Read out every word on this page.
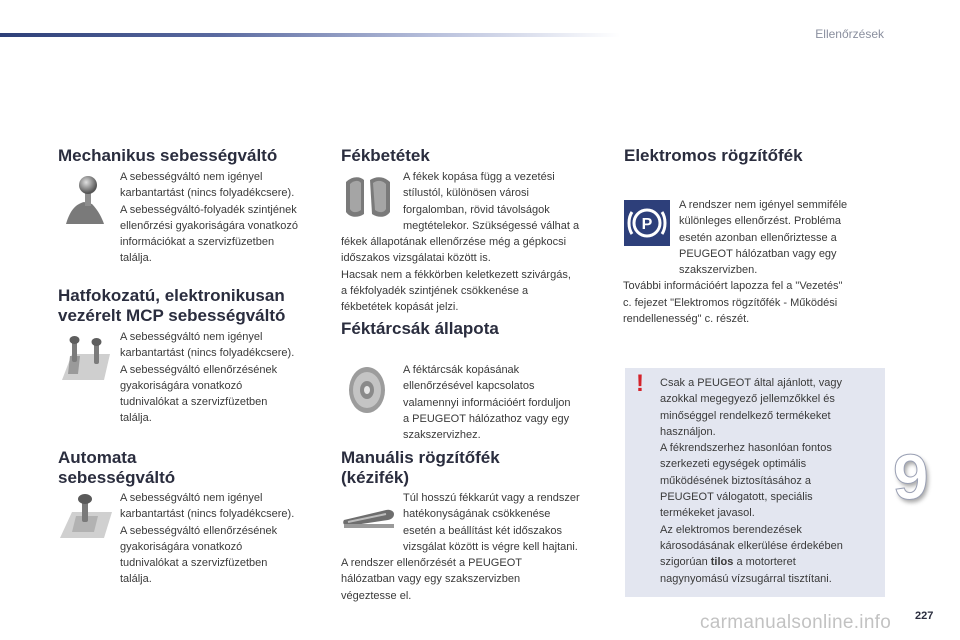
Ellenőrzések
Mechanikus sebességváltó
A sebességváltó nem igényel
karbantartást (nincs folyadékcsere).
A sebességváltó-folyadék szintjének
ellenőrzési gyakoriságára vonatkozó
információkat a szervizfüzetben
találja.
Hatfokozatú, elektronikusan
vezérelt MCP sebességváltó
A sebességváltó nem igényel
karbantartást (nincs folyadékcsere).
A sebességváltó ellenőrzésének
gyakoriságára vonatkozó
tudnivalókat a szervizfüzetben
találja.
Automata
sebességváltó
A sebességváltó nem igényel
karbantartást (nincs folyadékcsere).
A sebességváltó ellenőrzésének
gyakoriságára vonatkozó
tudnivalókat a szervizfüzetben
találja.
Fékbetétek
A fékek kopása függ a vezetési
stílustól, különösen városi
forgalomban, rövid távolságok
megtételekor. Szükségessé válhat a
fékek állapotának ellenőrzése még a gépkocsi
időszakos vizsgálatai között is.
Hacsak nem a fékkörben keletkezett szivárgás,
a fékfolyadék szintjének csökkenése a
fékbetétek kopását jelzi.
Féktárcsák állapota
A féktárcsák kopásának
ellenőrzésével kapcsolatos
valamennyi információért forduljon
a PEUGEOT hálózathoz vagy egy
szakszervizhez.
Manuális rögzítőfék
(kézifék)
Túl hosszú fékkarút vagy a rendszer
hatékonyságának csökkenése
esetén a beállítást két időszakos
vizsgálat között is végre kell hajtani.
A rendszer ellenőrzését a PEUGEOT
hálózatban vagy egy szakszervizben
végeztesse el.
Elektromos rögzítőfék
P
A rendszer nem igényel semmiféle
különleges ellenőrzést. Probléma
esetén azonban ellenőriztesse a
PEUGEOT hálózatban vagy egy
szakszervizben.
További információért lapozza fel a "Vezetés"
c. fejezet "Elektromos rögzítőfék - Működési
rendellenesség" c. részét.
!	Csak a PEUGEOT által ajánlott, vagy
azokkal megegyező jellemzőkkel és
minőséggel rendelkező termékeket
használjon.
A fékrendszerhez hasonlóan fontos
szerkezeti egységek optimális
működésének biztosításához a
PEUGEOT válogatott, speciális
termékeket javasol.
Az elektromos berendezések
károsodásának elkerülése érdekében
szigorúan tilos a motorteret
nagynyomású vízsugárral tisztítani.
9
carmanualsonline.info 227
